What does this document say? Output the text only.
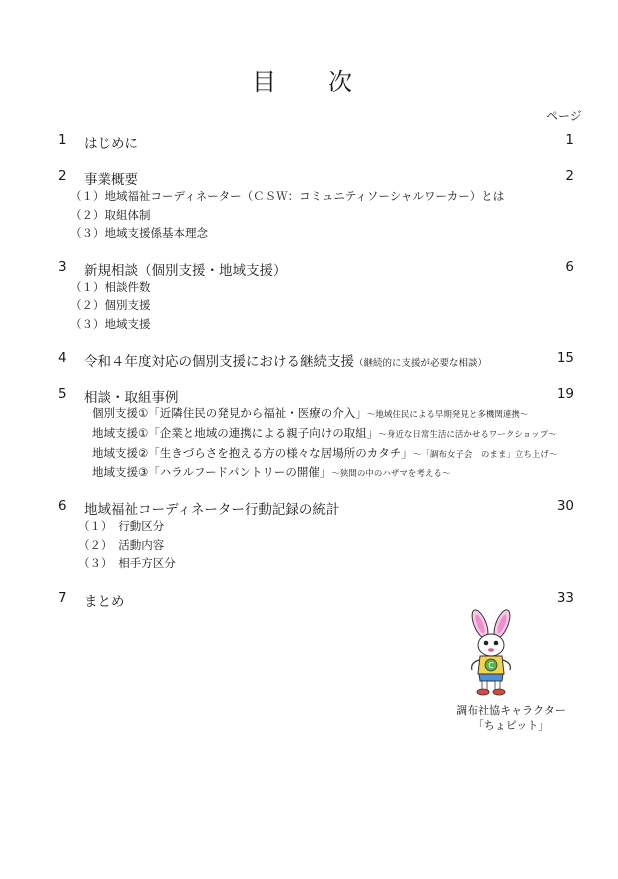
目　次
ページ
1 はじめに	1
2 事業概要	2
（１）地域福祉コーディネーター（ＣＳＷ：コミュニティソーシャルワーカー）とは
（２）取組体制
（３）地域支援係基本理念
3 新規相談（個別支援・地域支援）	6
（１）相談件数
（２）個別支援
（３）地域支援
4 令和４年度対応の個別支援における継続支援（継続的に支援が必要な相談）	15
5 相談・取組事例	19
個別支援①「近隣住民の発見から福祉・医療の介入」～地域住民による早期発見と多機関連携～
地域支援①「企業と地域の連携による親子向けの取組」～身近な日常生活に活かせるワークショップ～
地域支援②「生きづらさを抱える方の様々な居場所のカタチ」～「調布女子会　のまま」立ち上げ～
地域支援③「ハラルフードパントリーの開催」～狭間の中のハザマを考える～
6 地域福祉コーディネーター行動記録の統計	30
（１）　行動区分
（２）　活動内容
（３）　相手方区分
7 まとめ	33
C
調布社協キャラクター
「ちょピット」
